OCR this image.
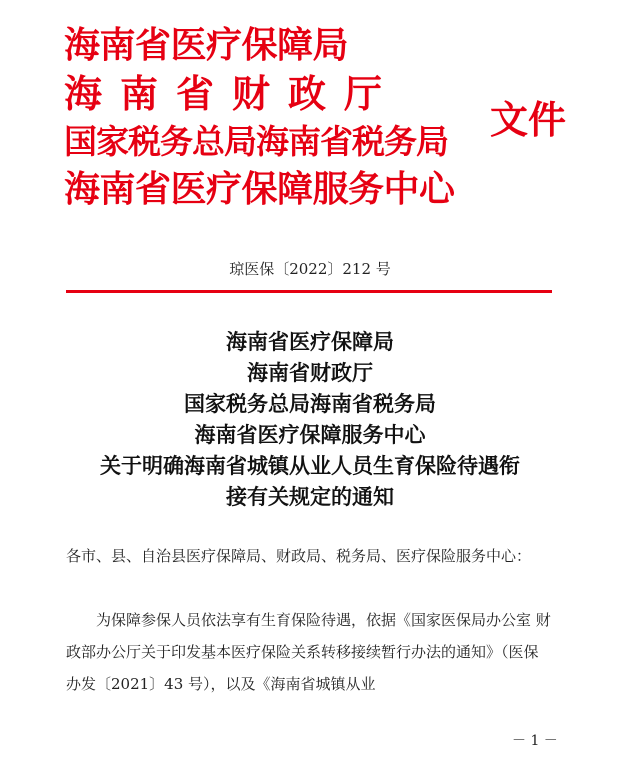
海南省医疗保障局
海南省财政厅
国家税务总局海南省税务局
海南省医疗保障服务中心
文件
琼医保〔2022〕212 号
海南省医疗保障局
海南省财政厅
国家税务总局海南省税务局
海南省医疗保障服务中心
关于明确海南省城镇从业人员生育保险待遇衔
接有关规定的通知
各市、县、自治县医疗保障局、财政局、税务局、医疗保险服务中心：
为保障参保人员依法享有生育保险待遇，依据《国家医保局办公室 财政部办公厅关于印发基本医疗保险关系转移接续暂行办法的通知》（医保办发〔2021〕43 号），以及《海南省城镇从业
－ 1 －
